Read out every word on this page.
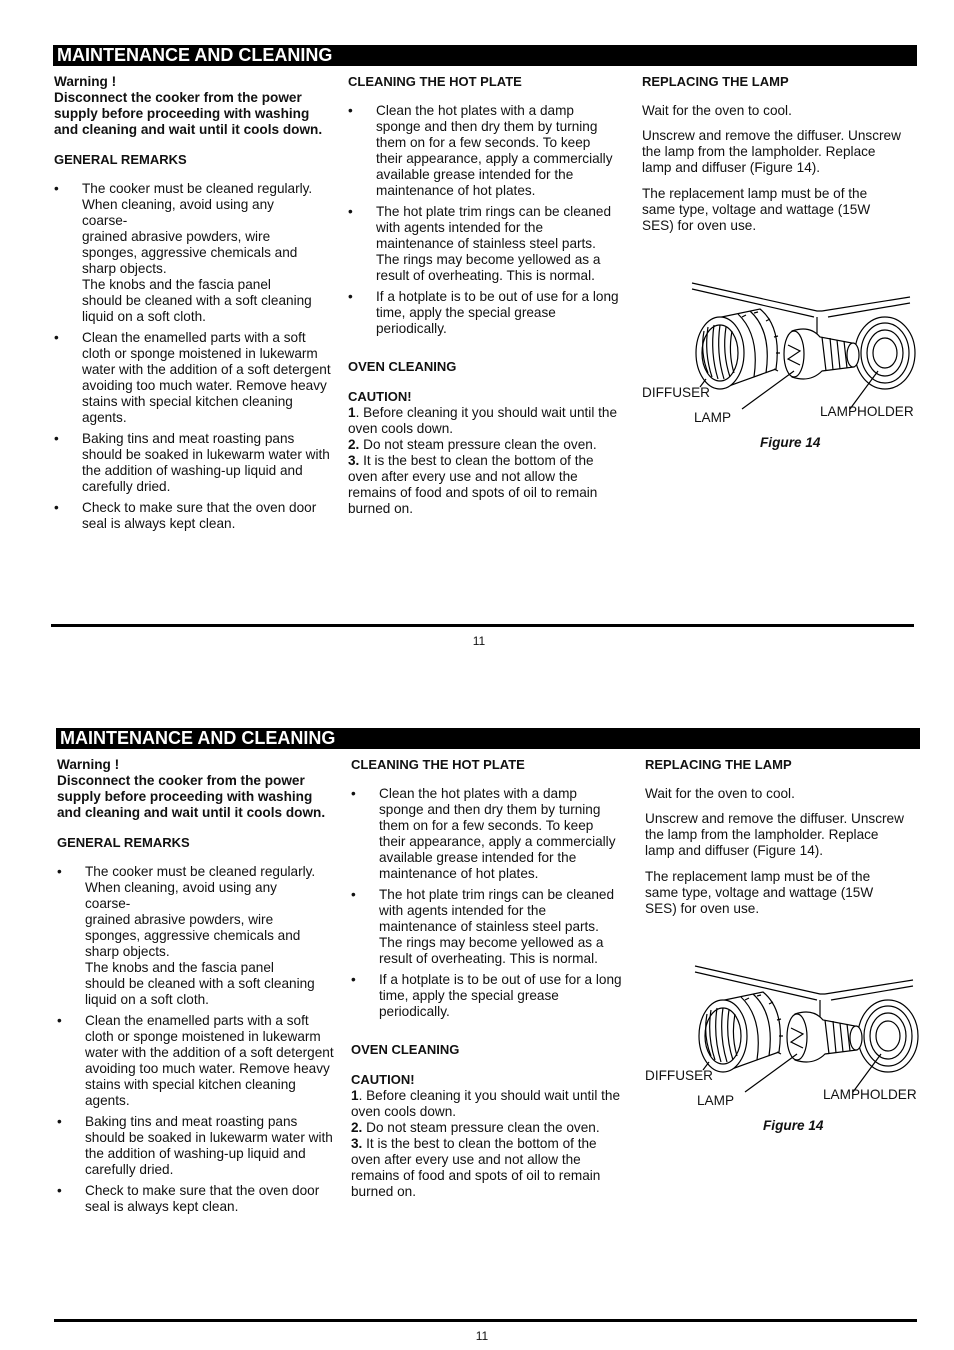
MAINTENANCE AND CLEANING

Warning !

Disconnect the cooker from the power supply before proceeding with washing and cleaning and wait until it cools down.

GENERAL REMARKS

• The cooker must be cleaned regularly.
When cleaning, avoid using any
coarse-
grained abrasive powders, wire
sponges, aggressive chemicals and
sharp objects.
The knobs and the fascia panel
should be cleaned with a soft cleaning
liquid on a soft cloth.
• Clean the enamelled parts with a soft cloth or sponge moistened in lukewarm water with the addition of a soft detergent avoiding too much water. Remove heavy stains with special kitchen cleaning agents.
• Baking tins and meat roasting pans should be soaked in lukewarm water with the addition of washing-up liquid and carefully dried.
• Check to make sure that the oven door seal is always kept clean.

CLEANING THE HOT PLATE

• Clean the hot plates with a damp sponge and then dry them by turning them on for a few seconds. To keep their appearance, apply a commercially available grease intended for the maintenance of hot plates.
• The hot plate trim rings can be cleaned with agents intended for the maintenance of stainless steel parts. The rings may become yellowed as a result of overheating. This is normal.
• If a hotplate is to be out of use for a long time, apply the special grease periodically.

OVEN CLEANING

CAUTION!

1. Before cleaning it you should wait until the oven cools down.

2. Do not steam pressure clean the oven.

3. It is the best to clean the bottom of the oven after every use and not allow the remains of food and spots of oil to remain burned on.

REPLACING THE LAMP

Wait for the oven to cool.

Unscrew and remove the diffuser. Unscrew the lamp from the lampholder. Replace lamp and diffuser (Figure 14).

The replacement lamp must be of the same type, voltage and wattage (15W SES) for oven use.

DIFFUSER
LAMP	LAMPHOLDER
Figure 14
11
MAINTENANCE AND CLEANING

Warning !

Disconnect the cooker from the power supply before proceeding with washing and cleaning and wait until it cools down.

GENERAL REMARKS

• The cooker must be cleaned regularly.
When cleaning, avoid using any
coarse-
grained abrasive powders, wire
sponges, aggressive chemicals and
sharp objects.
The knobs and the fascia panel
should be cleaned with a soft cleaning
liquid on a soft cloth.
• Clean the enamelled parts with a soft cloth or sponge moistened in lukewarm water with the addition of a soft detergent avoiding too much water. Remove heavy stains with special kitchen cleaning agents.
• Baking tins and meat roasting pans should be soaked in lukewarm water with the addition of washing-up liquid and carefully dried.
• Check to make sure that the oven door seal is always kept clean.

CLEANING THE HOT PLATE

• Clean the hot plates with a damp sponge and then dry them by turning them on for a few seconds. To keep their appearance, apply a commercially available grease intended for the maintenance of hot plates.
• The hot plate trim rings can be cleaned with agents intended for the maintenance of stainless steel parts. The rings may become yellowed as a result of overheating. This is normal.
• If a hotplate is to be out of use for a long time, apply the special grease periodically.

OVEN CLEANING

CAUTION!

1. Before cleaning it you should wait until the oven cools down.

2. Do not steam pressure clean the oven.

3. It is the best to clean the bottom of the oven after every use and not allow the remains of food and spots of oil to remain burned on.

REPLACING THE LAMP

Wait for the oven to cool.

Unscrew and remove the diffuser. Unscrew the lamp from the lampholder. Replace lamp and diffuser (Figure 14).

The replacement lamp must be of the same type, voltage and wattage (15W SES) for oven use.

DIFFUSER
LAMP	LAMPHOLDER
Figure 14
11
